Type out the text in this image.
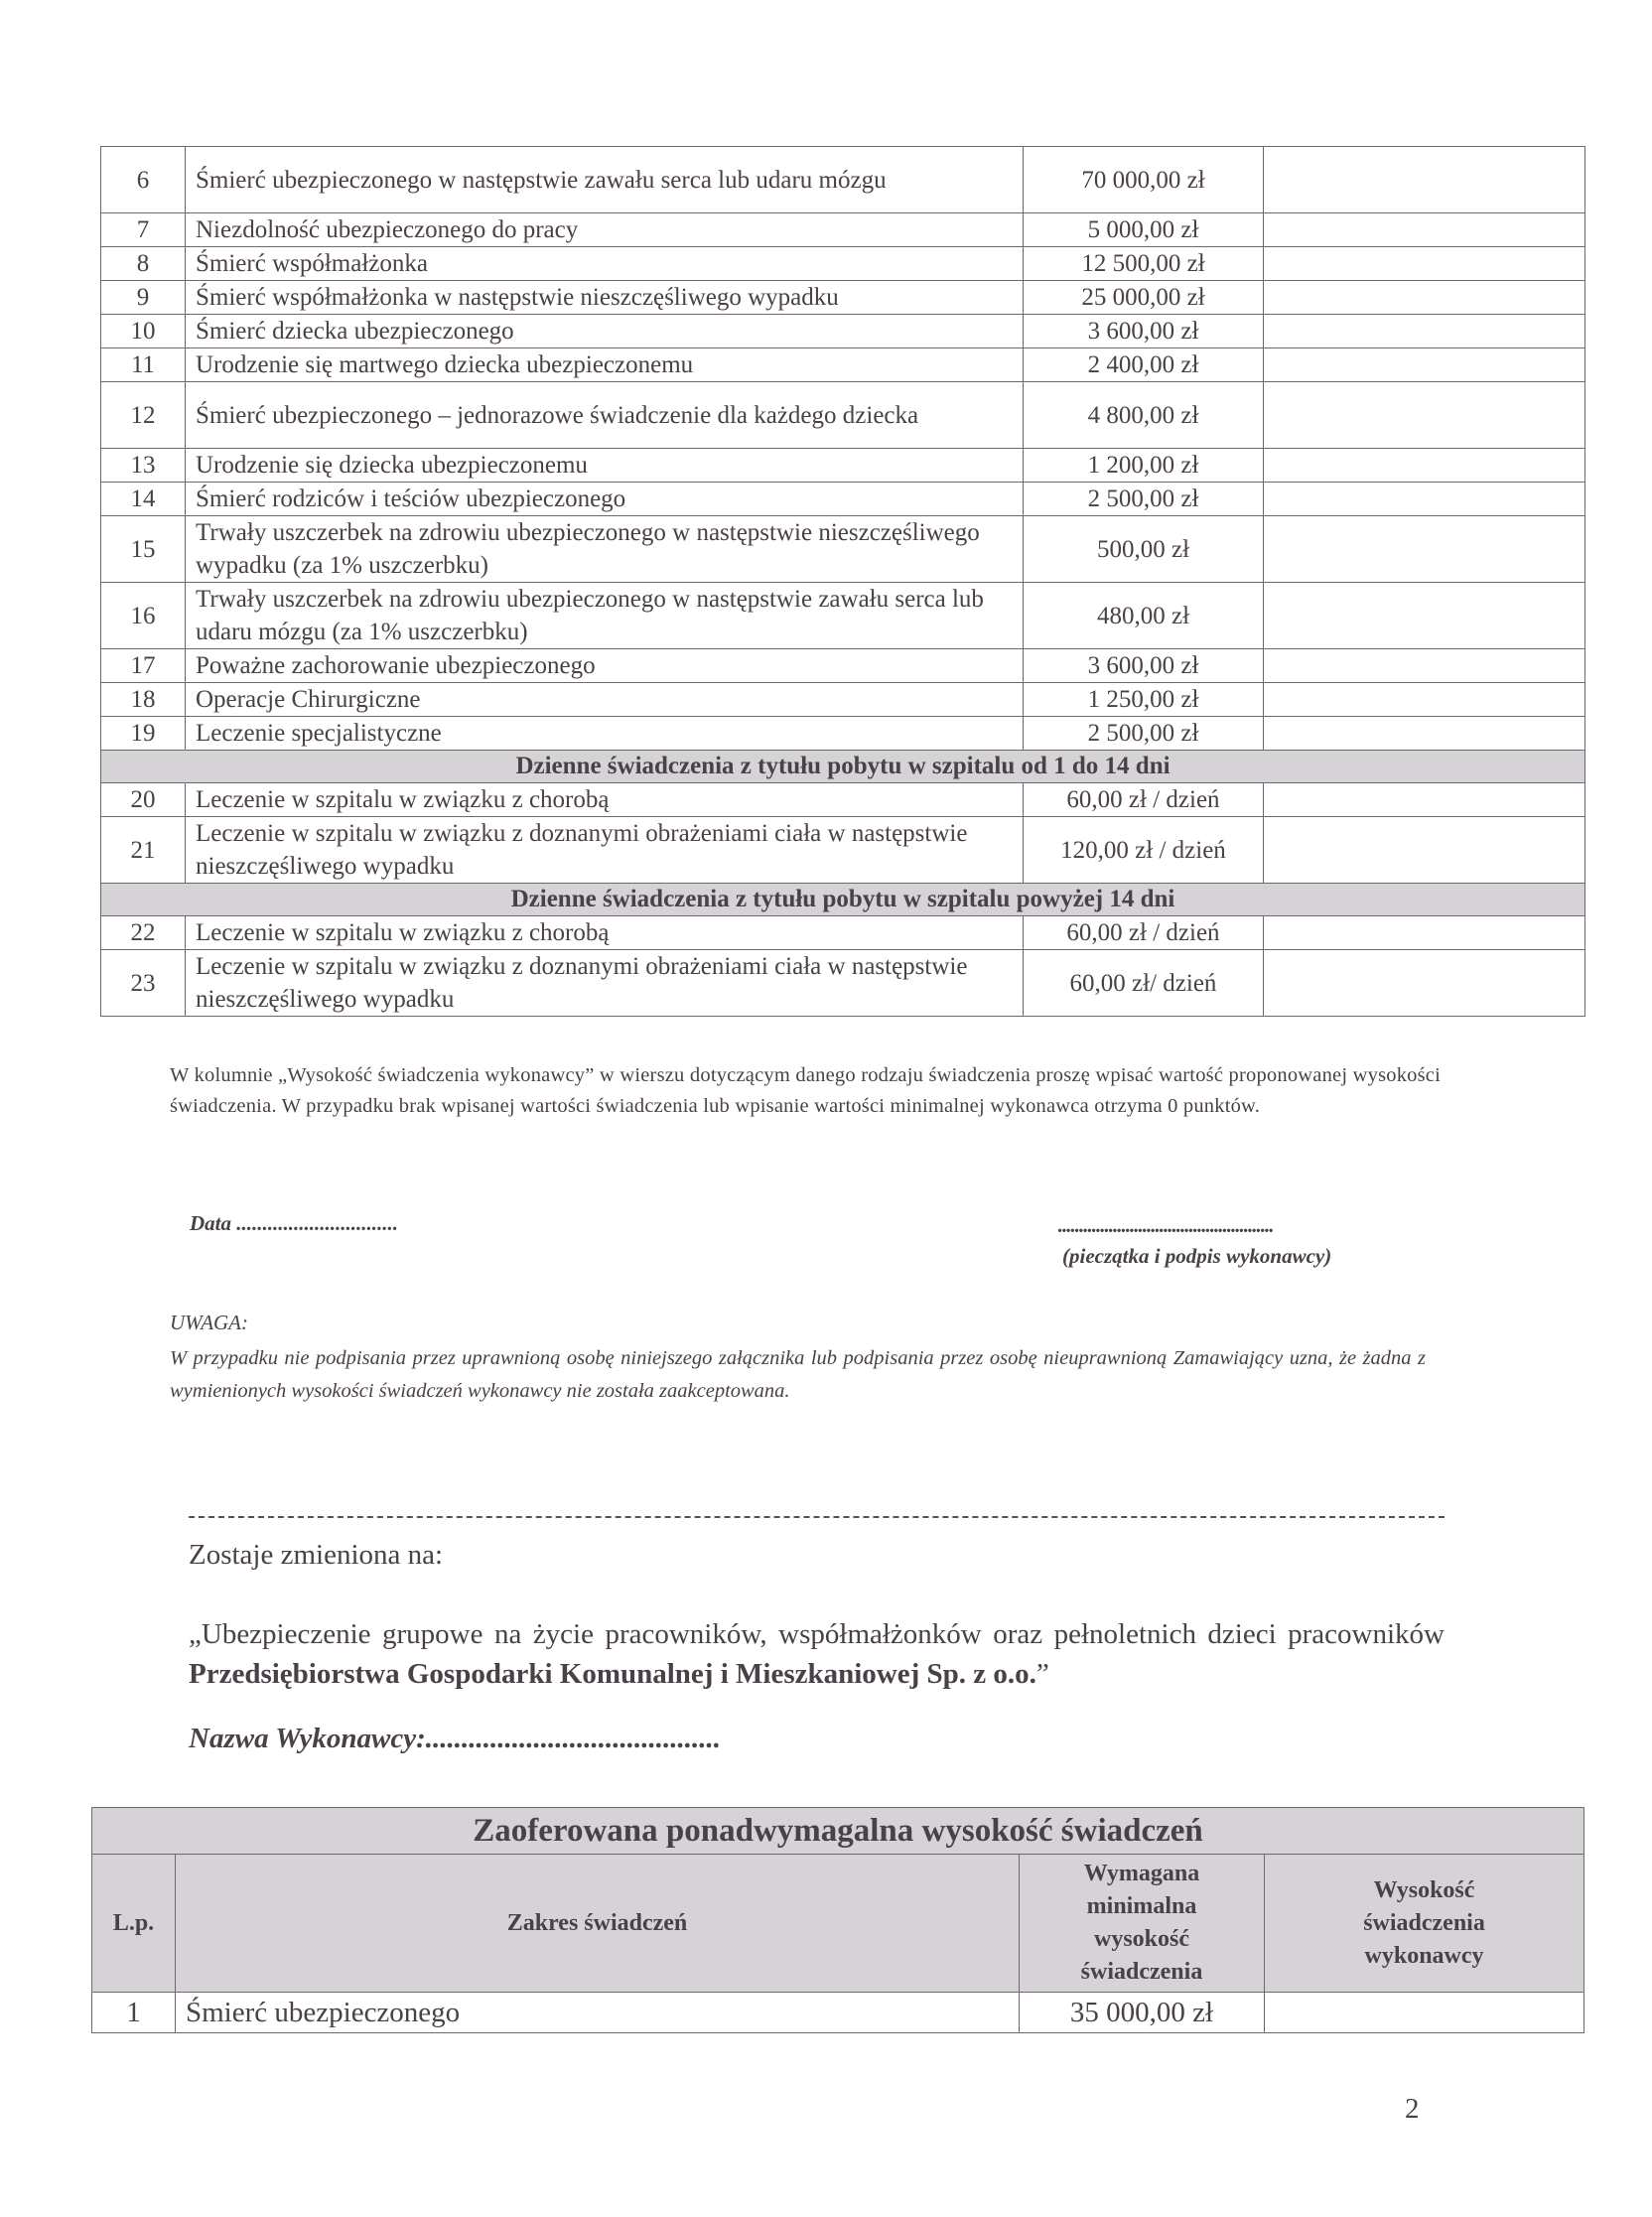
6	Śmierć ubezpieczonego w następstwie zawału serca lub udaru mózgu	70 000,00 zł	
7	Niezdolność ubezpieczonego do pracy	5 000,00 zł	
8	Śmierć współmałżonka	12 500,00 zł	
9	Śmierć współmałżonka w następstwie nieszczęśliwego wypadku	25 000,00 zł	
10	Śmierć dziecka ubezpieczonego	3 600,00 zł	
11	Urodzenie się martwego dziecka ubezpieczonemu	2 400,00 zł	
12	Śmierć ubezpieczonego – jednorazowe świadczenie dla każdego dziecka	4 800,00 zł	
13	Urodzenie się dziecka ubezpieczonemu	1 200,00 zł	
14	Śmierć rodziców i teściów ubezpieczonego	2 500,00 zł	
15	Trwały uszczerbek na zdrowiu ubezpieczonego w następstwie nieszczęśliwego wypadku (za 1% uszczerbku)	500,00 zł	
16	Trwały uszczerbek na zdrowiu ubezpieczonego w następstwie zawału serca lub udaru mózgu (za 1% uszczerbku)	480,00 zł	
17	Poważne zachorowanie ubezpieczonego	3 600,00 zł	
18	Operacje Chirurgiczne	1 250,00 zł	
19	Leczenie specjalistyczne	2 500,00 zł	
Dzienne świadczenia z tytułu pobytu w szpitalu od 1 do 14 dni			
20	Leczenie w szpitalu w związku z chorobą	60,00 zł / dzień	
21	Leczenie w szpitalu w związku z doznanymi obrażeniami ciała w następstwie nieszczęśliwego wypadku	120,00 zł / dzień	
Dzienne świadczenia z tytułu pobytu w szpitalu powyżej 14 dni			
22	Leczenie w szpitalu w związku z chorobą	60,00 zł / dzień	
23	Leczenie w szpitalu w związku z doznanymi obrażeniami ciała w następstwie nieszczęśliwego wypadku	60,00 zł/ dzień	
W kolumnie „Wysokość świadczenia wykonawcy” w wierszu dotyczącym danego rodzaju świadczenia proszę wpisać wartość proponowanej wysokości świadczenia. W przypadku brak wpisanej wartości świadczenia lub wpisanie wartości minimalnej wykonawca otrzyma 0 punktów.
Data ...............................	...................................................
(pieczątka i podpis wykonawcy)
UWAGA:
W przypadku nie podpisania przez uprawnioną osobę niniejszego załącznika lub podpisania przez osobę nieuprawnioną Zamawiający uzna, że żadna z wymienionych wysokości świadczeń wykonawcy nie została zaakceptowana.
Zostaje zmieniona na:
„Ubezpieczenie grupowe na życie pracowników, współmałżonków oraz pełnoletnich dzieci pracowników Przedsiębiorstwa Gospodarki Komunalnej i Mieszkaniowej Sp. z o.o.”
Nazwa Wykonawcy:.........................................
Zaoferowana ponadwymagalna wysokość świadczeń			
L.p.	Zakres świadczeń	Wymagana minimalna wysokość świadczenia	Wysokość świadczenia wykonawcy
1	Śmierć ubezpieczonego	35 000,00 zł	
2
